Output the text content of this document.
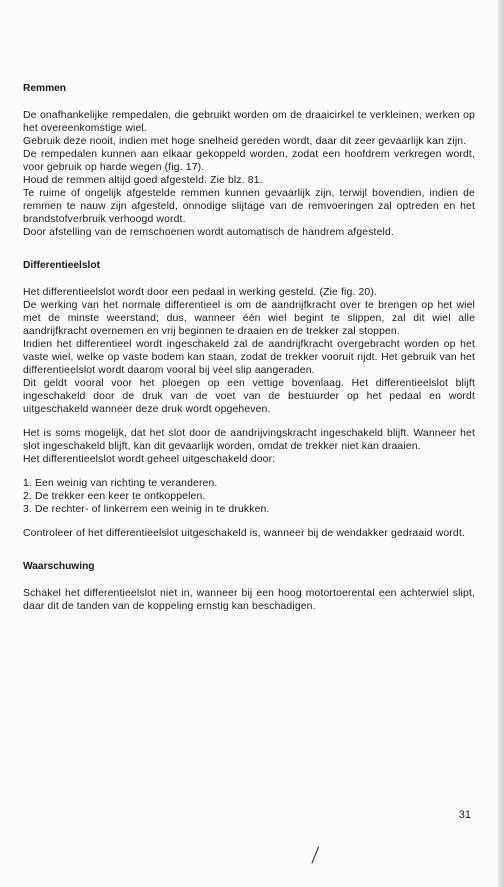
Remmen

De onafhankelijke rempedalen, die gebruikt worden om de draaicirkel te verkleinen, werken op het overeenkomstige wiel.

Gebruik deze nooit, indien met hoge snelheid gereden wordt, daar dit zeer gevaarlijk kan zijn.

De rempedalen kunnen aan elkaar gekoppeld worden, zodat een hoofdrem verkregen wordt, voor gebruik op harde wegen (fig. 17).

Houd de remmen altijd goed afgesteld. Zie blz. 81.

Te ruime of ongelijk afgestelde remmen kunnen gevaarlijk zijn, terwijl bovendien, indien de remmen te nauw zijn afgesteld, onnodige slijtage van de remvoeringen zal optreden en het brandstofverbruik verhoogd wordt.

Door afstelling van de remschoenen wordt automatisch de handrem afgesteld.

Differentieelslot

Het differentieelslot wordt door een pedaal in werking gesteld. (Zie fig. 20).

De werking van het normale differentieel is om de aandrijfkracht over te brengen op het wiel met de minste weerstand; dus, wanneer één wiel begint te slippen, zal dit wiel alle aandrijfkracht overnemen en vrij beginnen te draaien en de trekker zal stoppen.

Indien het differentieel wordt ingeschakeld zal de aandrijfkracht overgebracht worden op het vaste wiel, welke op vaste bodem kan staan, zodat de trekker vooruit rijdt. Het gebruik van het differentieelslot wordt daarom vooral bij veel slip aangeraden.

Dit geldt vooral voor het ploegen op een vettige bovenlaag. Het differentieelslot blijft ingeschakeld door de druk van de voet van de bestuurder op het pedaal en wordt uitgeschakeld wanneer deze druk wordt opgeheven.

Het is soms mogelijk, dat het slot door de aandrijvingskracht ingeschakeld blijft. Wanneer het slot ingeschakeld blijft, kan dit gevaarlijk worden, omdat de trekker niet kan draaien.

Het differentieelslot wordt geheel uitgeschakeld door:

1. Een weinig van richting te veranderen.
2. De trekker een keer te ontkoppelen.
3. De rechter- of linkerrem een weinig in te drukken.

Controleer of het differentieelslot uitgeschakeld is, wanneer bij de wendakker gedraaid wordt.

Waarschuwing

Schakel het differentieelslot niet in, wanneer bij een hoog motortoerental een achterwiel slipt, daar dit de tanden van de koppeling ernstig kan beschadigen.

31
